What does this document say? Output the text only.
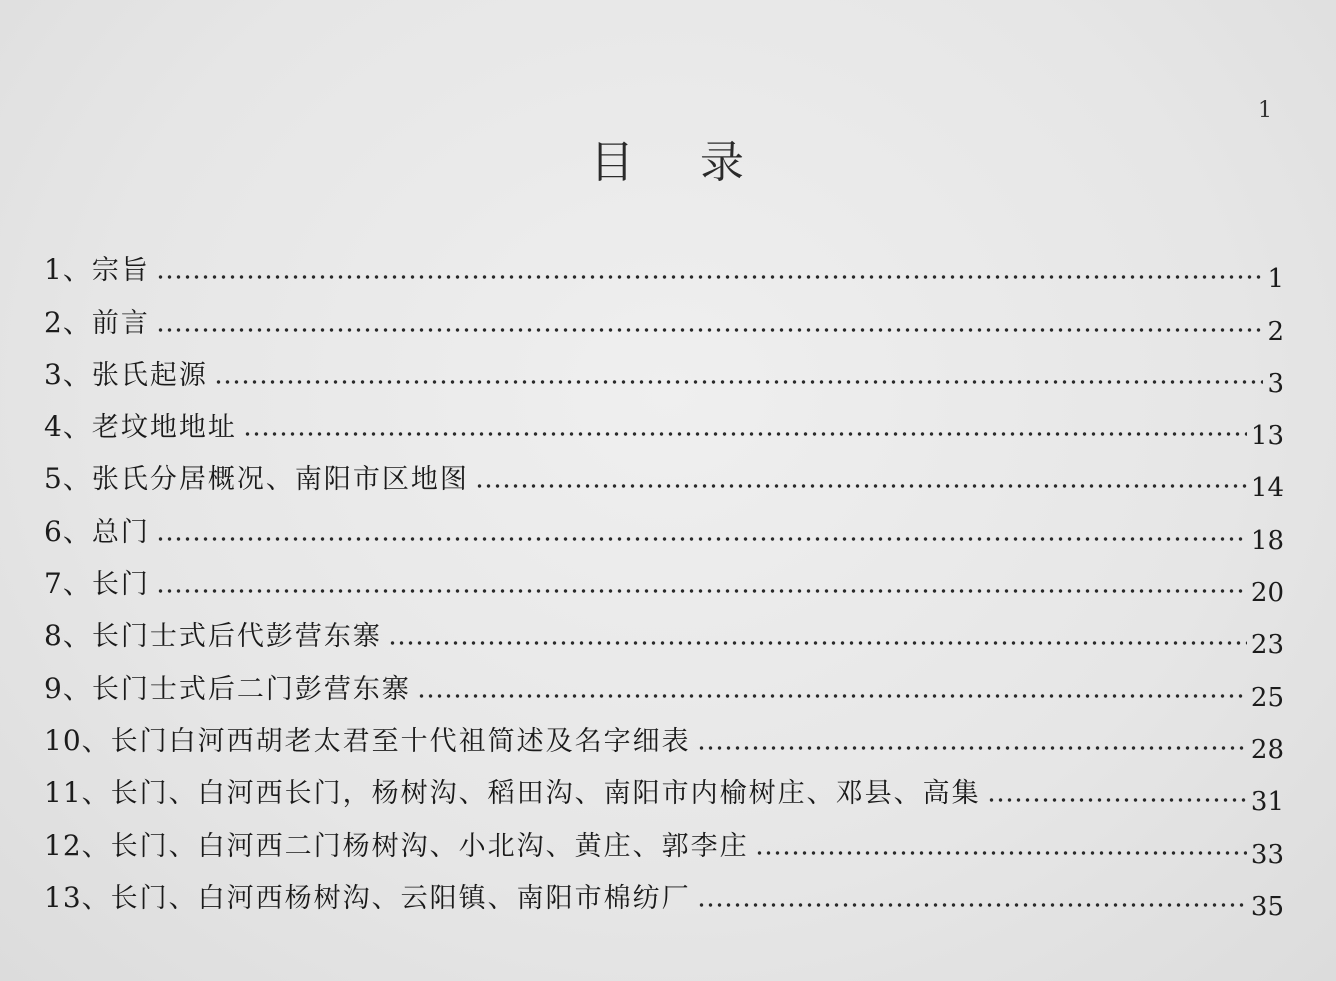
1
目 录
1、 宗旨	1
2、 前言	2
3、 张氏起源	3
4、 老坟地地址	13
5、 张氏分居概况、南阳市区地图	14
6、 总门	18
7、 长门	20
8、 长门士式后代彭营东寨	23
9、 长门士式后二门彭营东寨	25
10、 长门白河西胡老太君至十代祖简述及名字细表	28
11、 长门、白河西长门，杨树沟、稻田沟、南阳市内榆树庄、邓县、高集	31
12、 长门、白河西二门杨树沟、小北沟、黄庄、郭李庄	33
13、 长门、白河西杨树沟、云阳镇、南阳市棉纺厂	35
